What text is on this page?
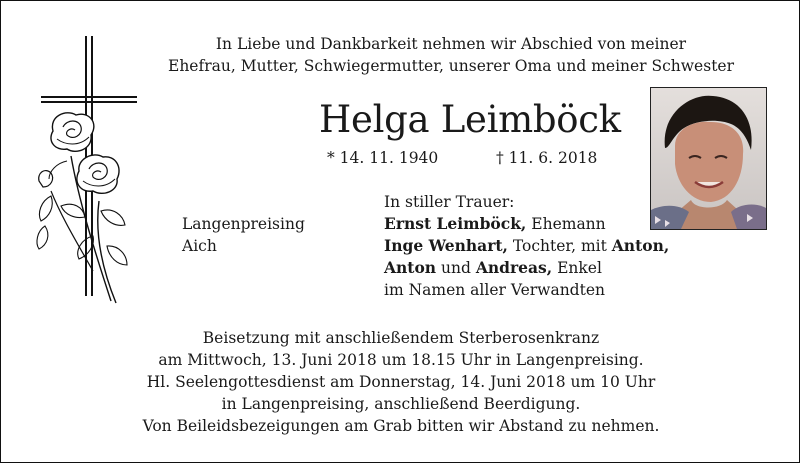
In Liebe und Dankbarkeit nehmen wir Abschied von meiner
Ehefrau, Mutter, Schwiegermutter, unserer Oma und meiner Schwester
Helga Leimböck
* 14. 11. 1940	† 11. 6. 2018
Langenpreising
Aich
In stiller Trauer:
Ernst Leimböck, Ehemann
Inge Wenhart, Tochter, mit Anton,
Anton und Andreas, Enkel
im Namen aller Verwandten
Beisetzung mit anschließendem Sterberosenkranz
am Mittwoch, 13. Juni 2018 um 18.15 Uhr in Langenpreising.
Hl. Seelengottesdienst am Donnerstag, 14. Juni 2018 um 10 Uhr
in Langenpreising, anschließend Beerdigung.
Von Beileidsbezeigungen am Grab bitten wir Abstand zu nehmen.
